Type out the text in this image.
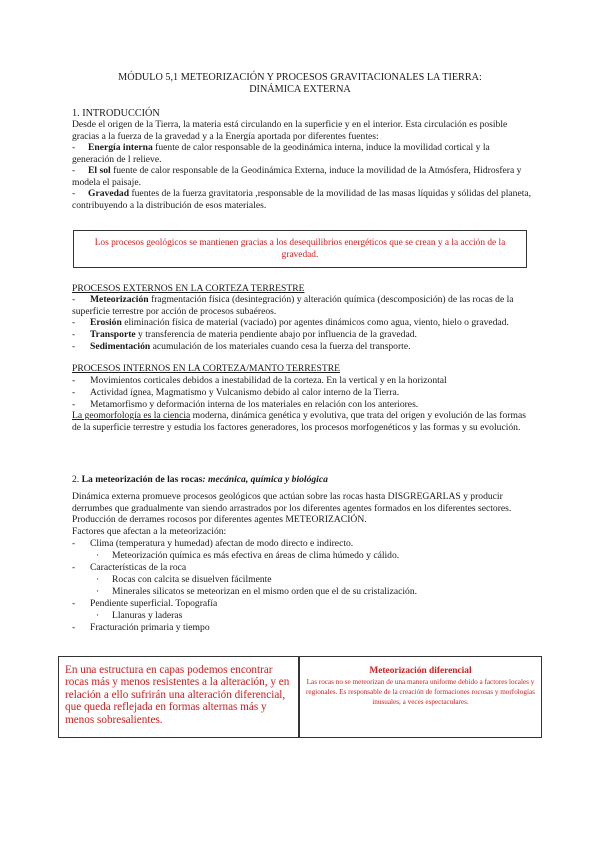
MÓDULO 5,1 METEORIZACIÓN Y PROCESOS GRAVITACIONALES LA TIERRA:
DINÁMICA EXTERNA
1. INTRODUCCIÓN
Desde el origen de la Tierra, la materia está circulando en la superficie y en el interior. Esta circulación es posible gracias a la fuerza de la gravedad y a la Energía aportada por diferentes fuentes:
-	Energía interna fuente de calor responsable de la geodinámica interna, induce la movilidad cortical y la generación de l relieve.
-	El sol fuente de calor responsable de la Geodinámica Externa, induce la movilidad de la Atmósfera, Hidrosfera y modela el paisaje.
-	Gravedad fuentes de la fuerza gravitatoria ,responsable de la movilidad de las masas líquidas y sólidas del planeta, contribuyendo a la distribución de esos materiales.
Los procesos geológicos se mantienen gracias a los desequilibrios energéticos que se crean y a la acción de la gravedad.
PROCESOS EXTERNOS EN LA CORTEZA TERRESTRE
-	Meteorización fragmentación física (desintegración) y alteración química (descomposición) de las rocas de la superficie terrestre por acción de procesos subaéreos.
-	Erosión eliminación física de material (vaciado) por agentes dinámicos como agua, viento, hielo o gravedad.
-	Transporte y transferencia de materia pendiente abajo por influencia de la gravedad.
-	Sedimentación acumulación de los materiales cuando cesa la fuerza del transporte.
PROCESOS INTERNOS EN LA CORTEZA/MANTO TERRESTRE
- Movimientos corticales debidos a inestabilidad de la corteza. En la vertical y en la horizontal
- Actividad ígnea, Magmatismo y Vulcanismo debido al calor interno de la Tierra.
- Metamorfismo y deformación interna de los materiales en relación con los anteriores.
La geomorfología es la ciencia moderna, dinámica genética y evolutiva, que trata del origen y evolución de las formas de la superficie terrestre y estudia los factores generadores, los procesos morfogenéticos y las formas y su evolución.
2. La meteorización de las rocas: mecánica, química y biológica
Dinámica externa promueve procesos geológicos que actúan sobre las rocas hasta DISGREGARLAS y producir derrumbes que gradualmente van siendo arrastrados por los diferentes agentes formados en los diferentes sectores. Producción de derrames rocosos por diferentes agentes METEORIZACIÓN.
Factores que afectan a la meteorización:
- Clima (temperatura y humedad) afectan de modo directo e indirecto.
· Meteorización química es más efectiva en áreas de clima húmedo y cálido.
- Características de la roca
· Rocas con calcita se disuelven fácilmente
· Minerales silicatos se meteorizan en el mismo orden que el de su cristalización.
- Pendiente superficial. Topografía
· Llanuras y laderas
- Fracturación primaria y tiempo
En una estructura en capas podemos encontrar rocas más y menos resistentes a la alteración, y en relación a ello sufrirán una alteración diferencial, que queda reflejada en formas alternas más y menos sobresalientes.
Meteorización diferencial
Las rocas no se meteorizan de una manera uniforme debido a factores locales y regionales. Es responsable de la creación de formaciones rocosas y morfologías inusuales, a veces espectaculares.
